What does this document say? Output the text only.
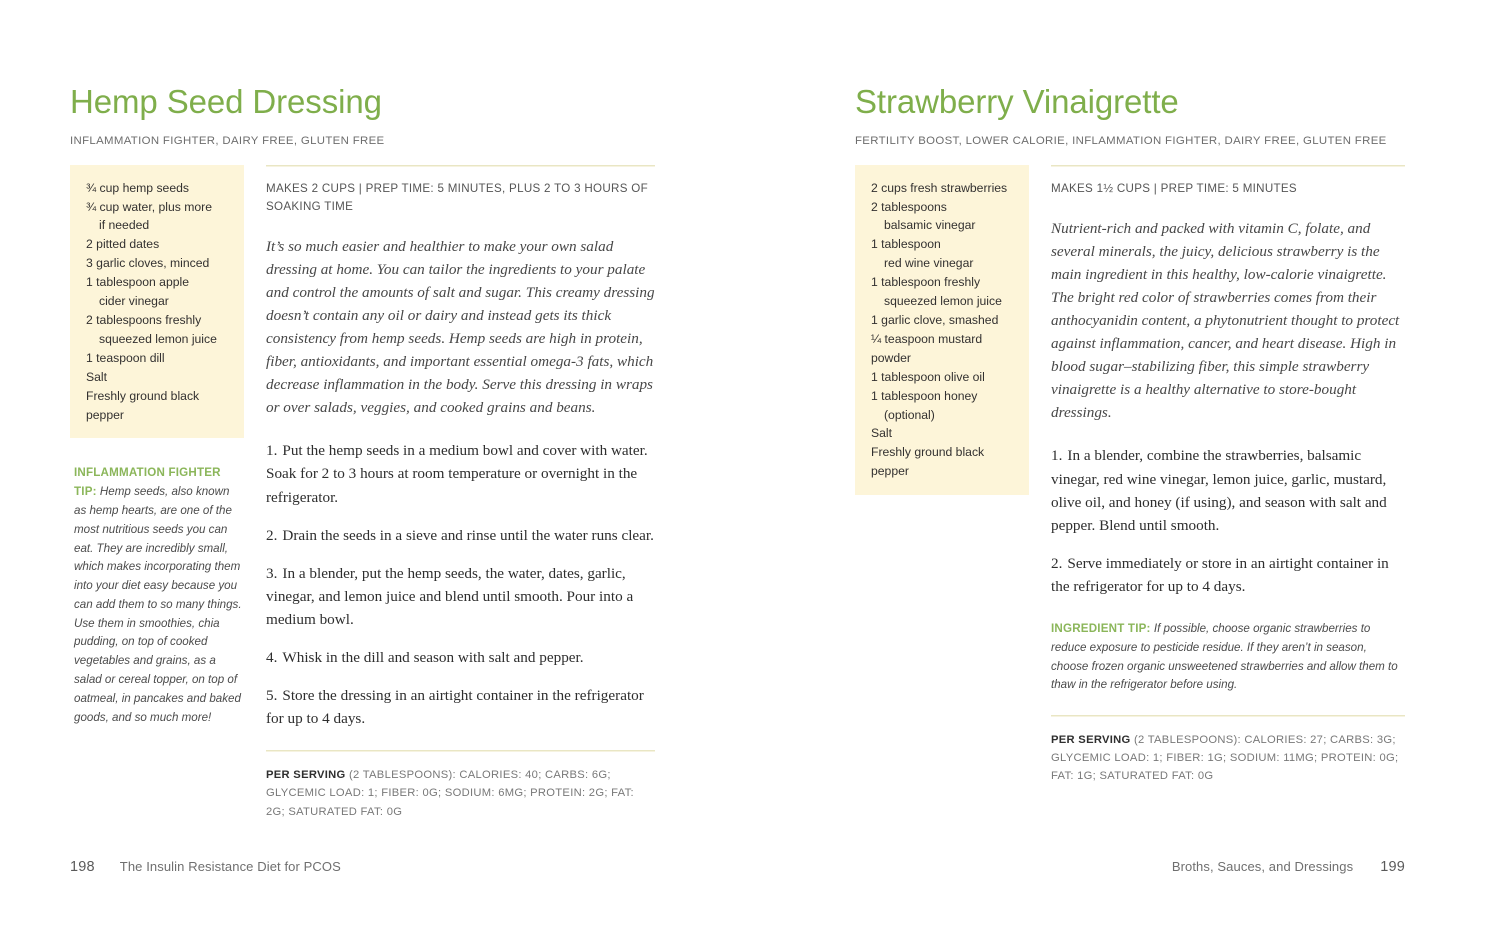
Hemp Seed Dressing
INFLAMMATION FIGHTER, DAIRY FREE, GLUTEN FREE
¾ cup hemp seeds
¾ cup water, plus more
if needed
2 pitted dates
3 garlic cloves, minced
1 tablespoon apple
cider vinegar
2 tablespoons freshly
squeezed lemon juice
1 teaspoon dill
Salt
Freshly ground black pepper
INFLAMMATION FIGHTER TIP: Hemp seeds, also known as hemp hearts, are one of the most nutritious seeds you can eat. They are incredibly small, which makes incorporating them into your diet easy because you can add them to so many things. Use them in smoothies, chia pudding, on top of cooked vegetables and grains, as a salad or cereal topper, on top of oatmeal, in pancakes and baked goods, and so much more!
MAKES 2 CUPS | PREP TIME: 5 MINUTES, PLUS 2 TO 3 HOURS OF SOAKING TIME

It’s so much easier and healthier to make your own salad dressing at home. You can tailor the ingredients to your palate and control the amounts of salt and sugar. This creamy dressing doesn’t contain any oil or dairy and instead gets its thick consistency from hemp seeds. Hemp seeds are high in protein, fiber, antioxidants, and important essential omega-3 fats, which decrease inflammation in the body. Serve this dressing in wraps or over salads, veggies, and cooked grains and beans.

1. Put the hemp seeds in a medium bowl and cover with water. Soak for 2 to 3 hours at room temperature or overnight in the refrigerator.
2. Drain the seeds in a sieve and rinse until the water runs clear.
3. In a blender, put the hemp seeds, the water, dates, garlic, vinegar, and lemon juice and blend until smooth. Pour into a medium bowl.
4. Whisk in the dill and season with salt and pepper.
5. Store the dressing in an airtight container in the refrigerator for up to 4 days.
PER SERVING (2 TABLESPOONS): CALORIES: 40; CARBS: 6G; GLYCEMIC LOAD: 1; FIBER: 0G; SODIUM: 6MG; PROTEIN: 2G; FAT: 2G; SATURATED FAT: 0G
198 The Insulin Resistance Diet for PCOS
Strawberry Vinaigrette
FERTILITY BOOST, LOWER CALORIE, INFLAMMATION FIGHTER, DAIRY FREE, GLUTEN FREE
2 cups fresh strawberries
2 tablespoons
balsamic vinegar
1 tablespoon
red wine vinegar
1 tablespoon freshly
squeezed lemon juice
1 garlic clove, smashed
¼ teaspoon mustard powder
1 tablespoon olive oil
1 tablespoon honey
(optional)
Salt
Freshly ground black pepper
MAKES 1½ CUPS | PREP TIME: 5 MINUTES

Nutrient-rich and packed with vitamin C, folate, and several minerals, the juicy, delicious strawberry is the main ingredient in this healthy, low-calorie vinaigrette. The bright red color of strawberries comes from their anthocyanidin content, a phytonutrient thought to protect against inflammation, cancer, and heart disease. High in blood sugar–stabilizing fiber, this simple strawberry vinaigrette is a healthy alternative to store-bought dressings.

1. In a blender, combine the strawberries, balsamic vinegar, red wine vinegar, lemon juice, garlic, mustard, olive oil, and honey (if using), and season with salt and pepper. Blend until smooth.
2. Serve immediately or store in an airtight container in the refrigerator for up to 4 days.
INGREDIENT TIP: If possible, choose organic strawberries to reduce exposure to pesticide residue. If they aren’t in season, choose frozen organic unsweetened strawberries and allow them to thaw in the refrigerator before using.
PER SERVING (2 TABLESPOONS): CALORIES: 27; CARBS: 3G; GLYCEMIC LOAD: 1; FIBER: 1G; SODIUM: 11MG; PROTEIN: 0G; FAT: 1G; SATURATED FAT: 0G
Broths, Sauces, and Dressings 199
